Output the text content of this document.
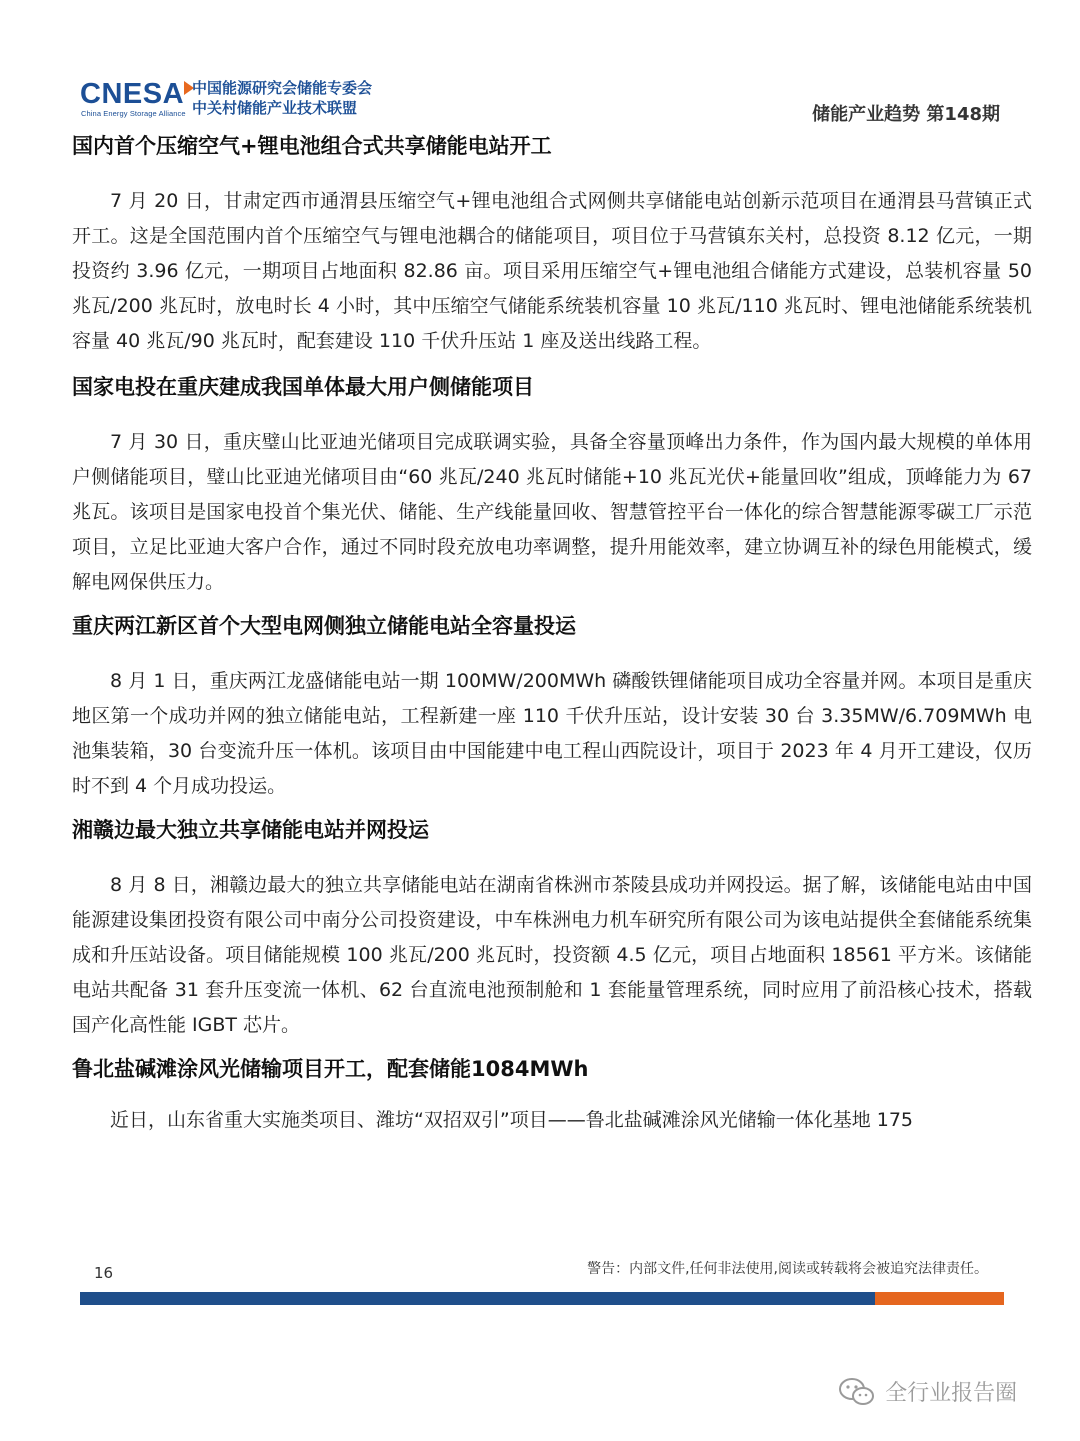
CNESA
China Energy Storage Alliance
中国能源研究会储能专委会
中关村储能产业技术联盟	储能产业趋势 第148期
国内首个压缩空气+锂电池组合式共享储能电站开工

7 月 20 日，甘肃定西市通渭县压缩空气+锂电池组合式网侧共享储能电站创新示范项目在通渭县马营镇正式开工。这是全国范围内首个压缩空气与锂电池耦合的储能项目，项目位于马营镇东关村，总投资 8.12 亿元，一期投资约 3.96 亿元，一期项目占地面积 82.86 亩。项目采用压缩空气+锂电池组合储能方式建设，总装机容量 50 兆瓦/200 兆瓦时，放电时长 4 小时，其中压缩空气储能系统装机容量 10 兆瓦/110 兆瓦时、锂电池储能系统装机容量 40 兆瓦/90 兆瓦时，配套建设 110 千伏升压站 1 座及送出线路工程。

国家电投在重庆建成我国单体最大用户侧储能项目

7 月 30 日，重庆璧山比亚迪光储项目完成联调实验，具备全容量顶峰出力条件，作为国内最大规模的单体用户侧储能项目，璧山比亚迪光储项目由“60 兆瓦/240 兆瓦时储能+10 兆瓦光伏+能量回收”组成，顶峰能力为 67 兆瓦。该项目是国家电投首个集光伏、储能、生产线能量回收、智慧管控平台一体化的综合智慧能源零碳工厂示范项目，立足比亚迪大客户合作，通过不同时段充放电功率调整，提升用能效率，建立协调互补的绿色用能模式，缓解电网保供压力。

重庆两江新区首个大型电网侧独立储能电站全容量投运

8 月 1 日，重庆两江龙盛储能电站一期 100MW/200MWh 磷酸铁锂储能项目成功全容量并网。本项目是重庆地区第一个成功并网的独立储能电站，工程新建一座 110 千伏升压站，设计安装 30 台 3.35MW/6.709MWh 电池集装箱，30 台变流升压一体机。该项目由中国能建中电工程山西院设计，项目于 2023 年 4 月开工建设，仅历时不到 4 个月成功投运。

湘赣边最大独立共享储能电站并网投运

8 月 8 日，湘赣边最大的独立共享储能电站在湖南省株洲市茶陵县成功并网投运。据了解，该储能电站由中国能源建设集团投资有限公司中南分公司投资建设，中车株洲电力机车研究所有限公司为该电站提供全套储能系统集成和升压站设备。项目储能规模 100 兆瓦/200 兆瓦时，投资额 4.5 亿元，项目占地面积 18561 平方米。该储能电站共配备 31 套升压变流一体机、62 台直流电池预制舱和 1 套能量管理系统，同时应用了前沿核心技术，搭载国产化高性能 IGBT 芯片。

鲁北盐碱滩涂风光储输项目开工，配套储能1084MWh

近日，山东省重大实施类项目、潍坊“双招双引”项目——鲁北盐碱滩涂风光储输一体化基地 175

16	警告：内部文件,任何非法使用,阅读或转载将会被追究法律责任。
全行业报告圈
